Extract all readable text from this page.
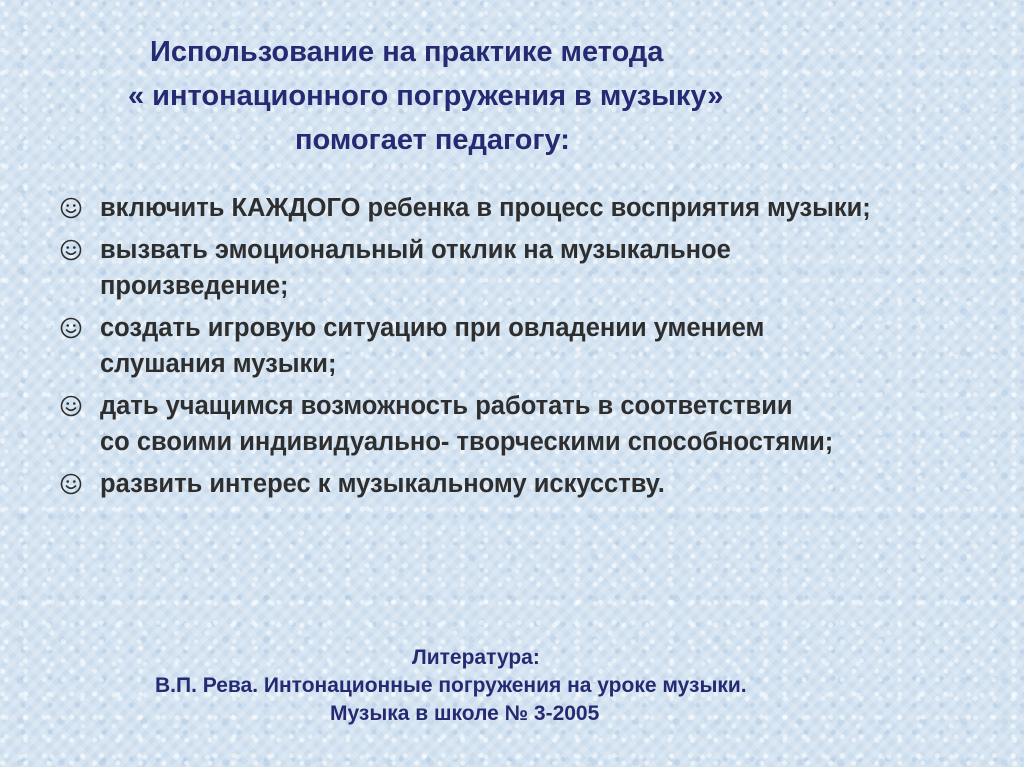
Использование на практике метода
« интонационного погружения в музыку»
помогает педагогу:
включить КАЖДОГО ребенка в процесс восприятия музыки;
вызвать эмоциональный отклик на музыкальное
произведение;
создать игровую ситуацию при овладении умением
слушания музыки;
дать учащимся возможность работать в соответствии
со своими индивидуально- творческими способностями;
развить интерес к музыкальному искусству.
Литература:
В.П. Рева. Интонационные погружения на уроке музыки.
Музыка в школе № 3-2005
